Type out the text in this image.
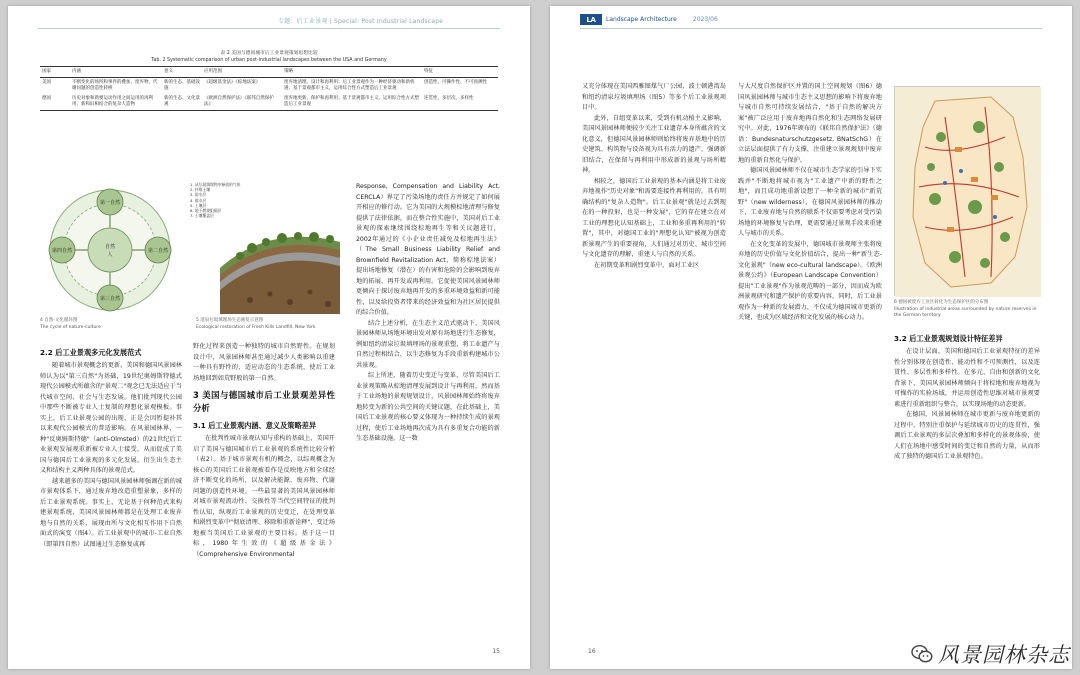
专题：后工业景观 | Special: Post Industrial Landscape
表 2 美国与德国城市后工业景观策划思想比较
Tab. 2 Systematic comparison of urban post-industrial landscapes between the USA and Germany
国家	内涵	意义	应用范围	策略	特征
美国	不断变化的场所和事件的叠加，废弃物、代谢问题的创造性转换	新的生态、基础设施	《超级基金法》《棕地法案》	废弃地清理、设计和再利用；后工业景观作为一种经济驱动和新机遇；基于景观都市主义，运用综合性方式塑造后工业景观	创造性、可操作性、不可预测性
德国	历史对象和新要运动作用之间运用的再利用，新和旧相结合的复杂人造物	新的生态、文化景观	《欧洲自然保护法》《联邦自然保护法》	废弃地更新、保护和再利用；基于景观都市主义，运用综合性方式塑造后工业景观	连贯性、多层次、多样性
第一自然
第二自然
第三自然
第四自然
自然
人
4 自然-文化循环图
The cycle of nature-culture
1. 从垃圾填埋物中释放的气体
2. 纤维土壤
3. 防水层
4. 排水层
5. 土壤层
6. 地下燃烧阻隔层
7. 土壤覆盖层
5 清泉垃圾填埋场生态修复示意图
Ecological restoration of Fresh Kills Landfill, New York
2.2 后工业景观多元化发展范式

随着城市景观概念的更新，美国和德国风景园林师认为以"第三自然"为基础，19世纪奥姆斯特德式现代公园模式所蕴含的"景观二"观念已无法适应于当代城市空间、社会与生态发展。他们批判现代公园中那些不断被专业人士复制的理想化景观模板。事实上，后工业景观公园的出现，正是会因暂提补其以来观代公园模式的普适影响。在风景园林界，一种"反奥姆斯特德"（anti-Olmsted）的21世纪后工业景观发展观重新被专业人士接受，从而促成了美国与德国后工业景观的多元化发展，衍生出生态主义和结构主义两种具体的景观范式。

越来越多的美国与德国风景园林师强调在新的城市景观体系下，通过废弃地改造重塑景象，多样的后工业景观系统。事实上，无论基于何种范式来构建景观系统，美国风景园林师都是在处理工业废弃地与自然的关系，展现由所与文化相互作用下自然面式的演变（图4）。后工业景观中的城市-工业自然（即第四自然）试图通过生态修复或再

野化过程来创造一种独特的城市自然野性。在规划设计中，风景园林师甚至通过减少人类影响以重建一种具有野性的、适应动态的生态系统，使后工业场地回到如荒野般的第一自然。

3 美国与德国城市后工业景观差异性分析
3.1 后工业景观内涵、意义及策略差异

在批判性城市景观认知与重构的基础上，美国开启了美国与德国城市后工业景观的系统性比较分析（表2）。基于城市景观有机的概念，以综观概念为核心的美国后工业景观被看作是反映地方和全球经济不断变化的场所，以及解决能源、废弃物、代谢问题的创造性环境。一些最显著的美国风景园林师对城市景观流动性、交换性等当代空间特征的批判性认知，纵观后工业景观的历史变迁，在处理变革和剧烈变革中"彻底清理、移除和重新诠释"，变迁场地被当美国后工业景观的主要目标。基于这一目标，1980年生效的《超级基金法》（Comprehensive Environmental

Response, Compensation and Liability Act, CERCLA）界定了污染场地的责任方并规定了如何展开相应的修行动。它为美国的大规模棕地清理与修复提供了法律依据，而在整合性实施中，美国对后工业景观的探索继续围绕棕地再生等和关议题进行，2002年通过的《小企业责任减免及棕地再生法》（The Small Business Liability Relief and Brownfield Revitalization Act，简称棕地法案）提出场地修复（潜在）的有害和危险的会影响到废弃地的拓展、再开发或再利用。它促使美国风景园林师更倾向于探讨废弃地再开发的多重环境效益和新可能性，以及给投资者带来的经济效益和为社区居民提供的综合价值。

结合上述分析，在生态主义范式驱动下，美国风景园林师从场地环境出发对原有场地进行生态修复，例如纽约清泉垃圾填埋场的景观重塑，将工业遗产与自然过程相结合，以生态修复为手段重新构建城市公共景观。

综上所述，随着历史变迁与变革，尽管美国后工业景观策略从棕地清理发展到设计与再利用，然而基于工业场地的景观规划设计，风景园林师始终将废弃地转变为新的公共空间的关键议题，在此基础上，美国后工业景观的核心要义体现为一种持续生成的景观过程，使后工业场地再次成为具有多重复合功能的新生态基础设施。这一数

15
LA	Landscape Architecture	2023/06

又充分体现在美国西雅图煤气厂公园、波士顿港湾岛和纽约清泉垃圾填埋场（图5）等多个后工业景观项目中。

此外，自组变革以来，受到有机动植主义影响，美国风景园林师便较少关注工业遗存本身所蕴含的文化意义，但德国风景园林师则始终将废弃基地中的历史建筑、构筑物与设备视为具有活力的遗产，强调新旧结合，在保留与再利用中形成新的景观与场所精神。

相较之，德国后工业景观的基本内涵是将工业废弃地视作"历史对象"和需要连接性再利用的，具有明确结构的"复杂人造物"。后工业景观"就是过去到现在的一种投射，也是一种发展"，它的存在建立在对工业的理想化认知基础上，工业和多重再利用的"转置"，其中，对德国工业的"理想化认知"被视为创造新景观产生的重要视角，人们通过对历史、城市空间与文化遗存的理解，重建人与自然的关系。

在初期变革和剧烈变革中，面对工业区

与大尺度自然保护区并置的国土空间规划（图6）德国风景园林师与城市生态主义思想的影响下将废弃地与城市自然可持续发展结合，"基于自然的解决方案"被广泛应用于废弃地再自然化和生态网络发展研究中。对此，1976年颁布的《联邦自然保护法》（德语：Bundesnaturschutzgesetz, BNatSchG）在立法层面提供了有力支撑，注重建立景观规划中废弃地的重新自然化与保护。

德国风景园林师不仅在城市生态学家的引导下实践并"不断地将城市视为"工业遗产中新的野性之地"，而且成功地重新设想了一种全新的城市"新荒野"（new wilderness），在德国风景园林师的推动下，工业废弃地与自然的联系不仅需要考虑对受污染场地的环境修复与治理，更需要通过景观手段来重建人与城市的关系。

在文化变革的发展中，德国城市景观师主张将废弃地的历史价值与文化价值结合，提出一种"新生态-文化景观"（new eco-cultural landscape）。《欧洲景观公约》（European Landscape Convention）提出"工业景观"作为景观范畴的一部分，因而成为欧洲景观研究和遗产保护的重要内容，同时，后工业景观作为一种新的发展潜力，不仅成为德国城市更新的关键，也成为区域经济和文化发展的核心动力。

6 德国被废弃工业区转化为生态保护区的分布图
Illustration of industrial areas surrounded by nature reserves in the German territory
3.2 后工业景观规划设计特征差异

在设计层面，美国和德国后工业景观特征的差异性分别体现在创造性、能动性和不可预测性，以及连贯性、多层性和多样性。在多元、自由和创新的文化背景下，美国风景园林师倾向于将棕地和废弃地视为可操作的实验场域，并运用创造性思维对城市景观要素进行重新组织与整合，以实现场地的动态更新。

在德国，风景园林师在城市更新与废弃地更新的过程中，特别注重保护与延续城市历史的连贯性，强调后工业景观的多层次叠加和多样化的景观体验，使人们在场地中感受时间的变迁和自然的力量，从而形成了独特的德国后工业景观特色。

16	风景园林杂志
